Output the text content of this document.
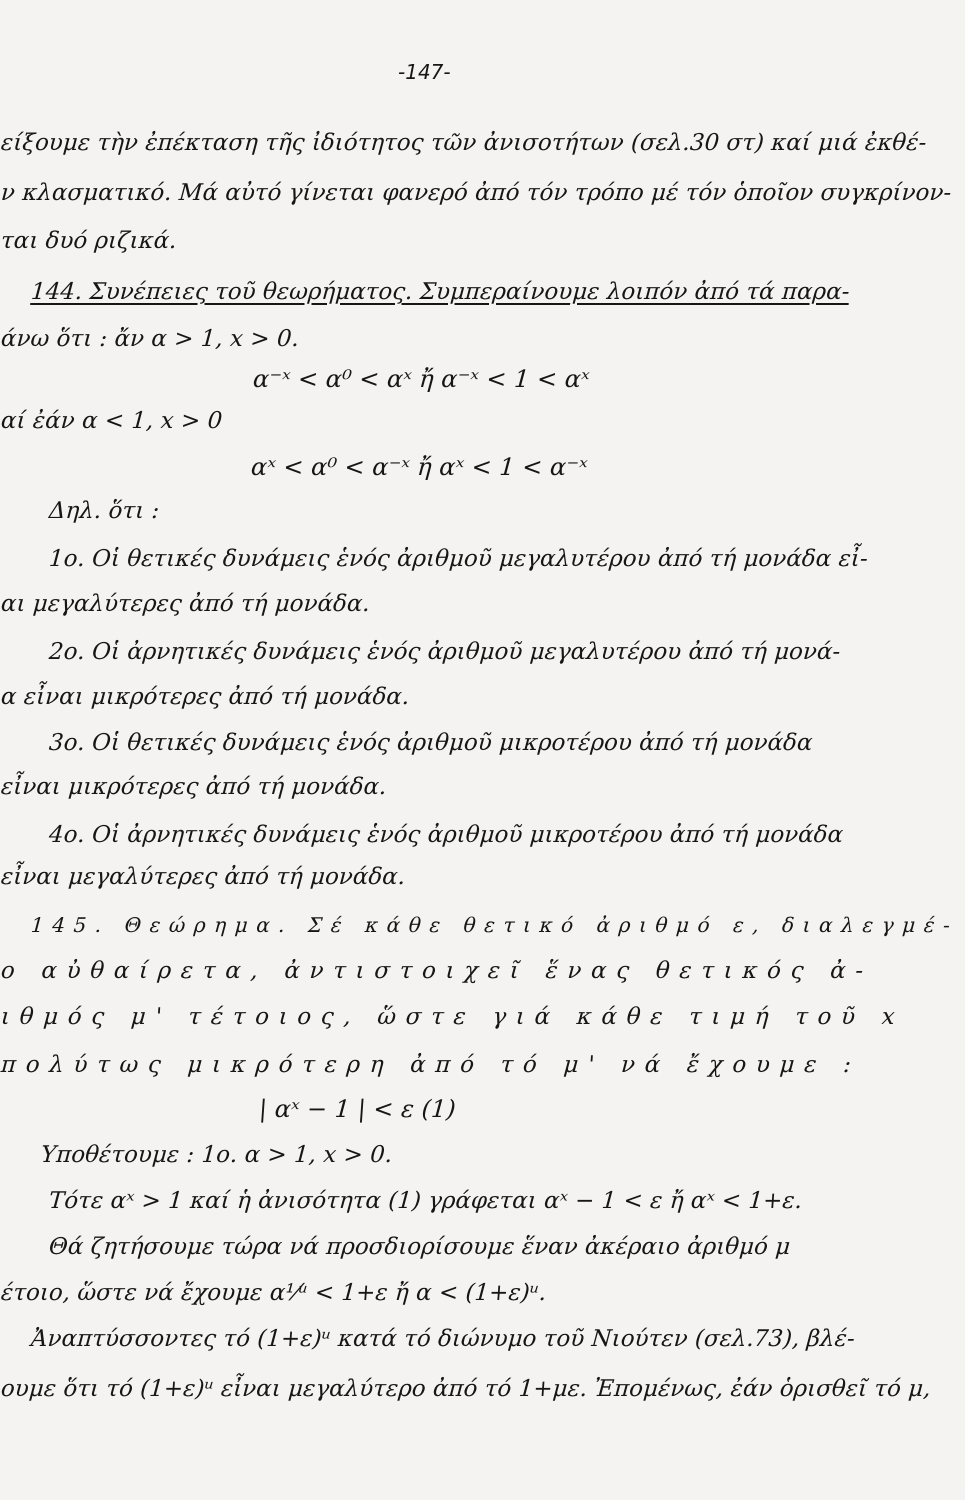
-147-
είξουμε τὴν ἐπέκταση τῆς ἰδιότητος τῶν ἀνισοτήτων (σελ.30 στ) καί μιά ἐκθέ-
ν κλασματικό. Μά αὐτό γίνεται φανερό ἀπό τόν τρόπο μέ τόν ὁποῖον συγκρίνον-
ται δυό ριζικά.
144. Συνέπειες τοῦ θεωρήματος. Συμπεραίνουμε λοιπόν ἀπό τά παρα-
άνω ὅτι : ἄν α > 1, x > 0.
α⁻ˣ < α⁰ < αˣ ἤ α⁻ˣ < 1 < αˣ
αί ἐάν α < 1, x > 0
αˣ < α⁰ < α⁻ˣ ἤ αˣ < 1 < α⁻ˣ
Δηλ. ὅτι :
1ο. Οἱ θετικές δυνάμεις ἑνός ἀριθμοῦ μεγαλυτέρου ἀπό τή μονάδα εἶ-
αι μεγαλύτερες ἀπό τή μονάδα.
2ο. Οἱ ἀρνητικές δυνάμεις ἑνός ἀριθμοῦ μεγαλυτέρου ἀπό τή μονά-
α εἶναι μικρότερες ἀπό τή μονάδα.
3ο. Οἱ θετικές δυνάμεις ἑνός ἀριθμοῦ μικροτέρου ἀπό τή μονάδα
εἶναι μικρότερες ἀπό τή μονάδα.
4ο. Οἱ ἀρνητικές δυνάμεις ἑνός ἀριθμοῦ μικροτέρου ἀπό τή μονάδα
εἶναι μεγαλύτερες ἀπό τή μονάδα.
145. Θεώρημα. Σέ κάθε θετικό ἀριθμό ε, διαλεγμέ-
ο αὐθαίρετα, ἀντιστοιχεῖ ἕνας θετικός ἀ-
ιθμός μ' τέτοιος, ὥστε γιά κάθε τιμή τοῦ x
πολύτως μικρότερη ἀπό τό μ' νά ἔχουμε :
| αˣ − 1 | < ε (1)
Υποθέτουμε : 1ο. α > 1, x > 0.
Τότε αˣ > 1 καί ἡ ἀνισότητα (1) γράφεται αˣ − 1 < ε ἤ αˣ < 1+ε.
Θά ζητήσουμε τώρα νά προσδιορίσουμε ἕναν ἀκέραιο ἀριθμό μ
έτοιο, ὥστε νά ἔχουμε α¹⁄ᵘ < 1+ε ἤ α < (1+ε)ᵘ.
Ἀναπτύσσοντες τό (1+ε)ᵘ κατά τό διώνυμο τοῦ Νιούτεν (σελ.73), βλέ-
ουμε ὅτι τό (1+ε)ᵘ εἶναι μεγαλύτερο ἀπό τό 1+με. Ἐπομένως, ἐάν ὁρισθεῖ τό μ,
